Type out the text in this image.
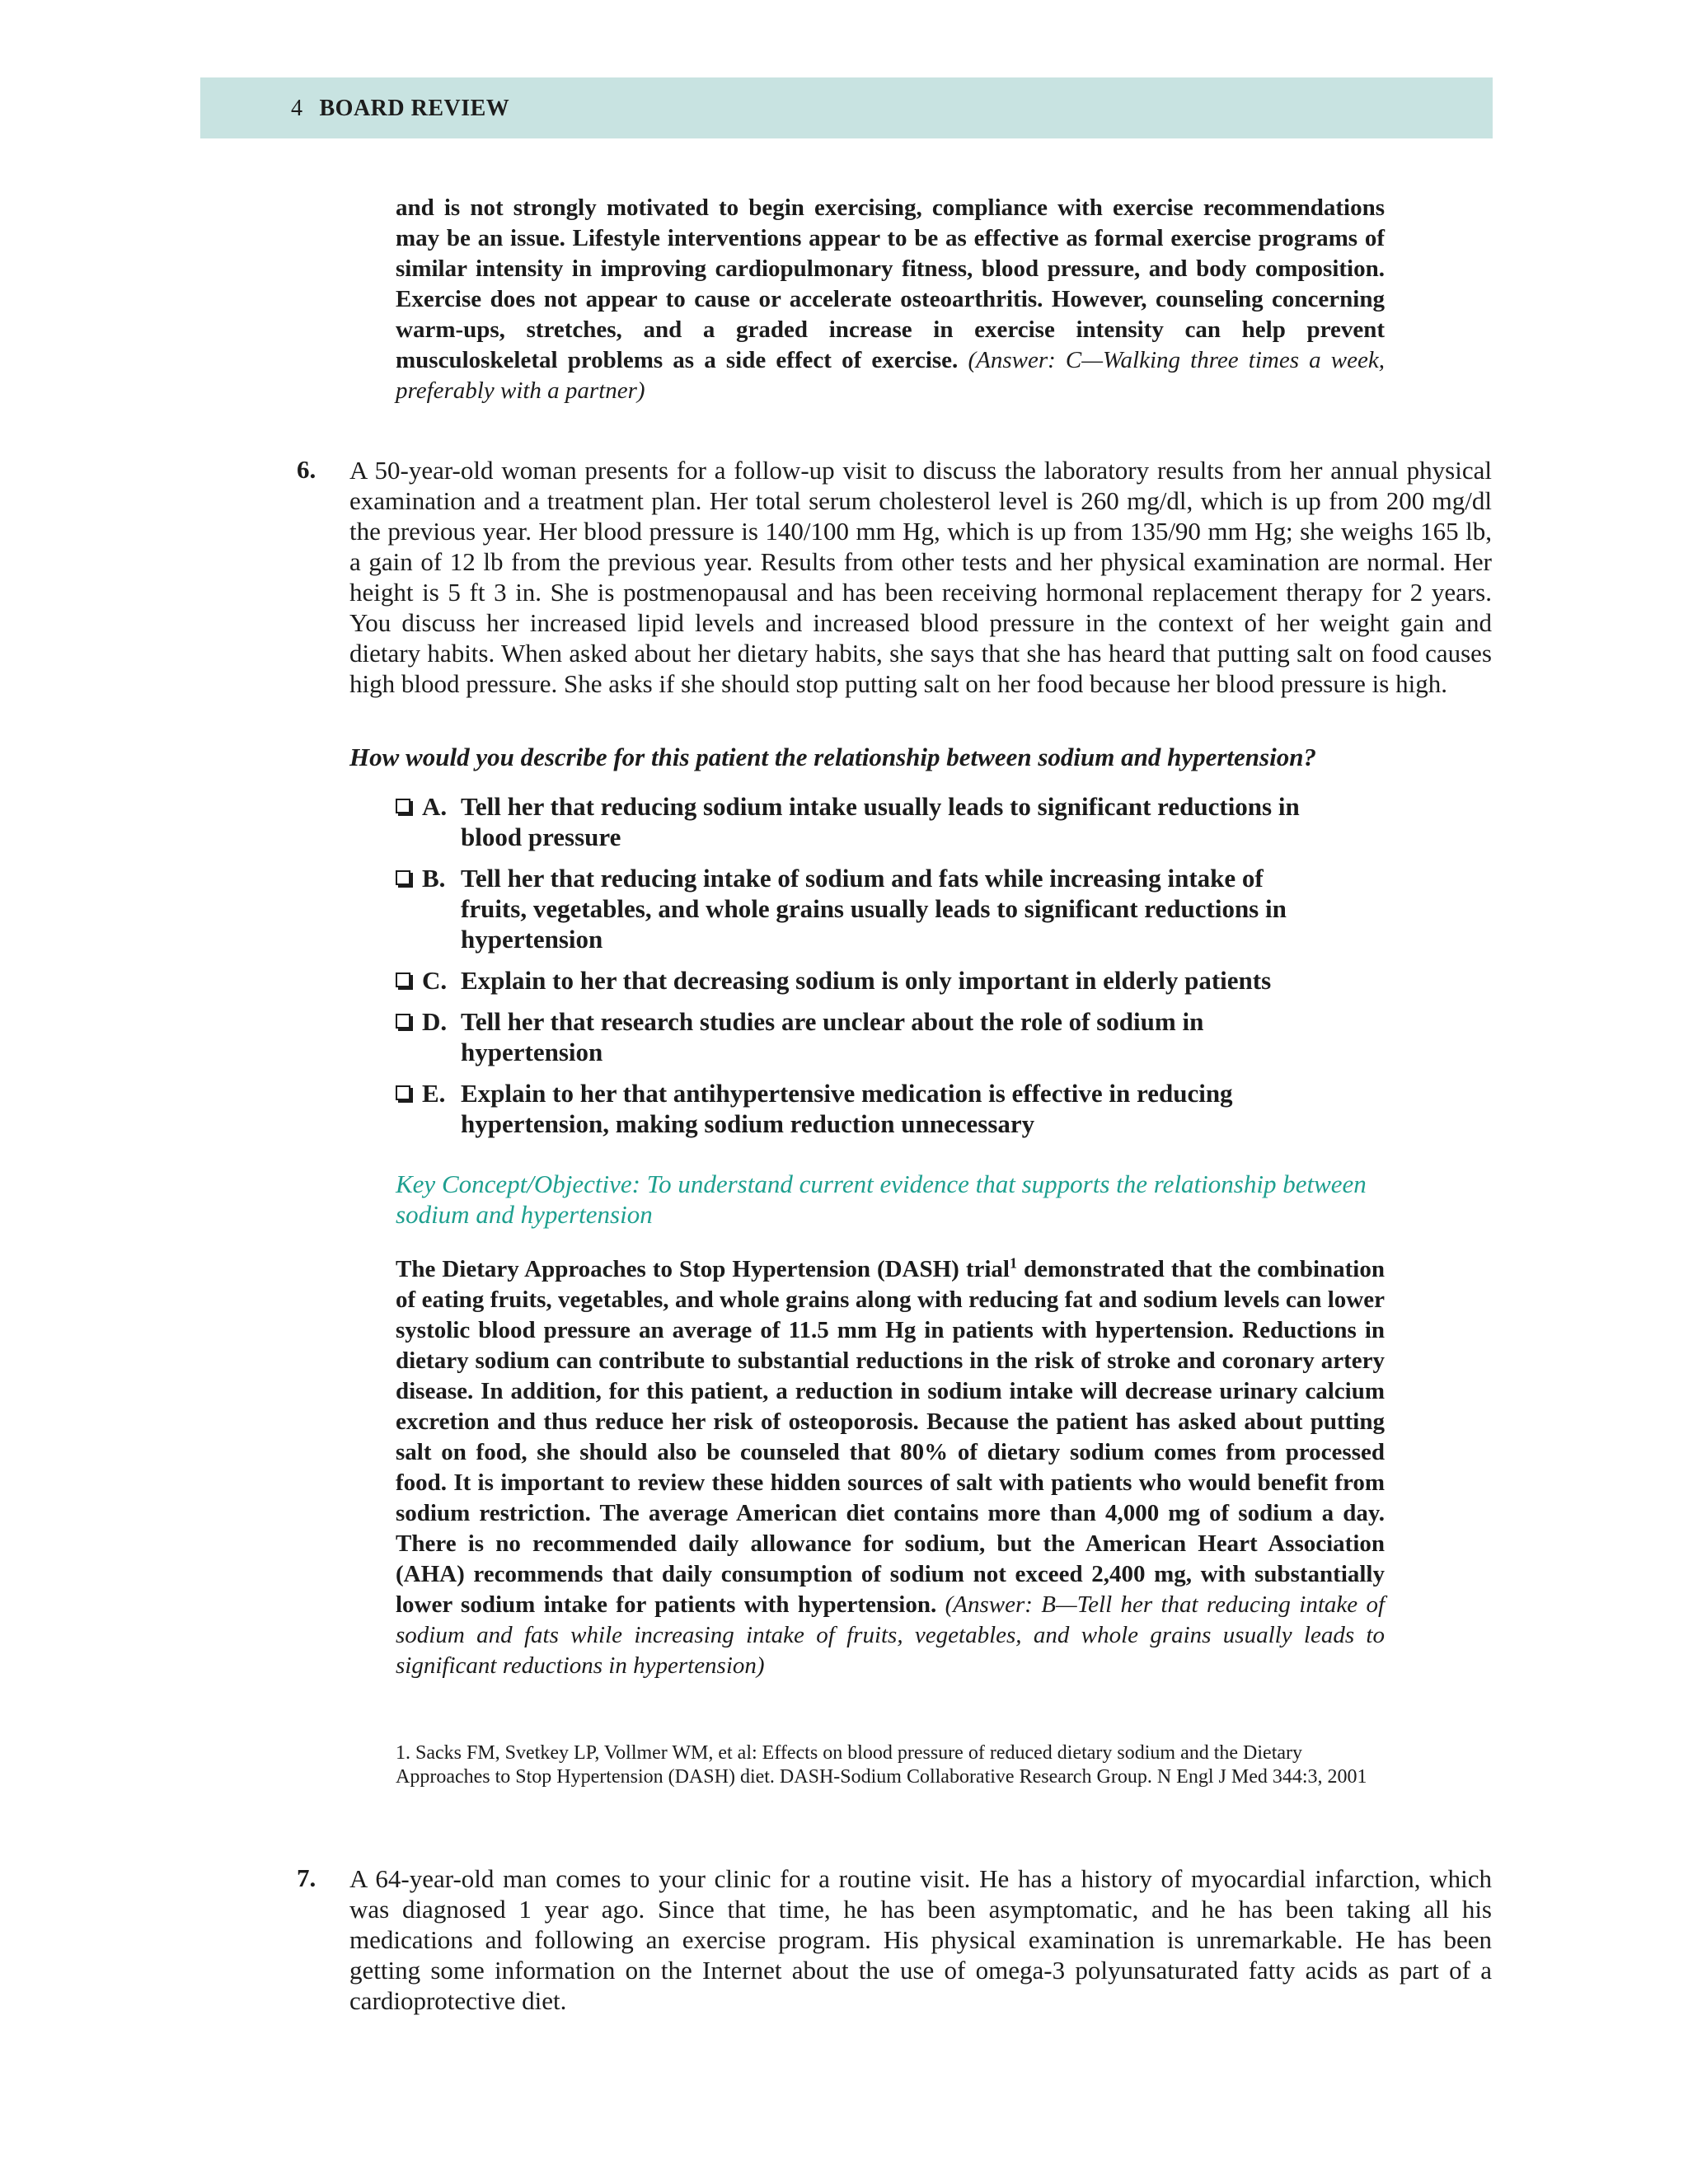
4 BOARD REVIEW
and is not strongly motivated to begin exercising, compliance with exercise recommendations may be an issue. Lifestyle interventions appear to be as effective as formal exercise programs of similar intensity in improving cardiopulmonary fitness, blood pressure, and body composition. Exercise does not appear to cause or accelerate osteoarthritis. However, counseling concerning warm-ups, stretches, and a graded increase in exercise intensity can help prevent musculoskeletal problems as a side effect of exercise. (Answer: C—Walking three times a week, preferably with a partner)
6. A 50-year-old woman presents for a follow-up visit to discuss the laboratory results from her annual physical examination and a treatment plan. Her total serum cholesterol level is 260 mg/dl, which is up from 200 mg/dl the previous year. Her blood pressure is 140/100 mm Hg, which is up from 135/90 mm Hg; she weighs 165 lb, a gain of 12 lb from the previous year. Results from other tests and her physical examination are normal. Her height is 5 ft 3 in. She is postmenopausal and has been receiving hormonal replacement therapy for 2 years. You discuss her increased lipid levels and increased blood pressure in the context of her weight gain and dietary habits. When asked about her dietary habits, she says that she has heard that putting salt on food causes high blood pressure. She asks if she should stop putting salt on her food because her blood pressure is high.
How would you describe for this patient the relationship between sodium and hypertension?
A. Tell her that reducing sodium intake usually leads to significant reductions in blood pressure
B. Tell her that reducing intake of sodium and fats while increasing intake of fruits, vegetables, and whole grains usually leads to significant reductions in hypertension
C. Explain to her that decreasing sodium is only important in elderly patients
D. Tell her that research studies are unclear about the role of sodium in hypertension
E. Explain to her that antihypertensive medication is effective in reducing hypertension, making sodium reduction unnecessary
Key Concept/Objective: To understand current evidence that supports the relationship between sodium and hypertension
The Dietary Approaches to Stop Hypertension (DASH) trial$^1$ demonstrated that the combination of eating fruits, vegetables, and whole grains along with reducing fat and sodium levels can lower systolic blood pressure an average of 11.5 mm Hg in patients with hypertension. Reductions in dietary sodium can contribute to substantial reductions in the risk of stroke and coronary artery disease. In addition, for this patient, a reduction in sodium intake will decrease urinary calcium excretion and thus reduce her risk of osteoporosis. Because the patient has asked about putting salt on food, she should also be counseled that 80% of dietary sodium comes from processed food. It is important to review these hidden sources of salt with patients who would benefit from sodium restriction. The average American diet contains more than 4,000 mg of sodium a day. There is no recommended daily allowance for sodium, but the American Heart Association (AHA) recommends that daily consumption of sodium not exceed 2,400 mg, with substantially lower sodium intake for patients with hypertension. (Answer: B—Tell her that reducing intake of sodium and fats while increasing intake of fruits, vegetables, and whole grains usually leads to significant reductions in hypertension)
1. Sacks FM, Svetkey LP, Vollmer WM, et al: Effects on blood pressure of reduced dietary sodium and the Dietary Approaches to Stop Hypertension (DASH) diet. DASH-Sodium Collaborative Research Group. N Engl J Med 344:3, 2001
7. A 64-year-old man comes to your clinic for a routine visit. He has a history of myocardial infarction, which was diagnosed 1 year ago. Since that time, he has been asymptomatic, and he has been taking all his medications and following an exercise program. His physical examination is unremarkable. He has been getting some information on the Internet about the use of omega-3 polyunsaturated fatty acids as part of a cardioprotective diet.
